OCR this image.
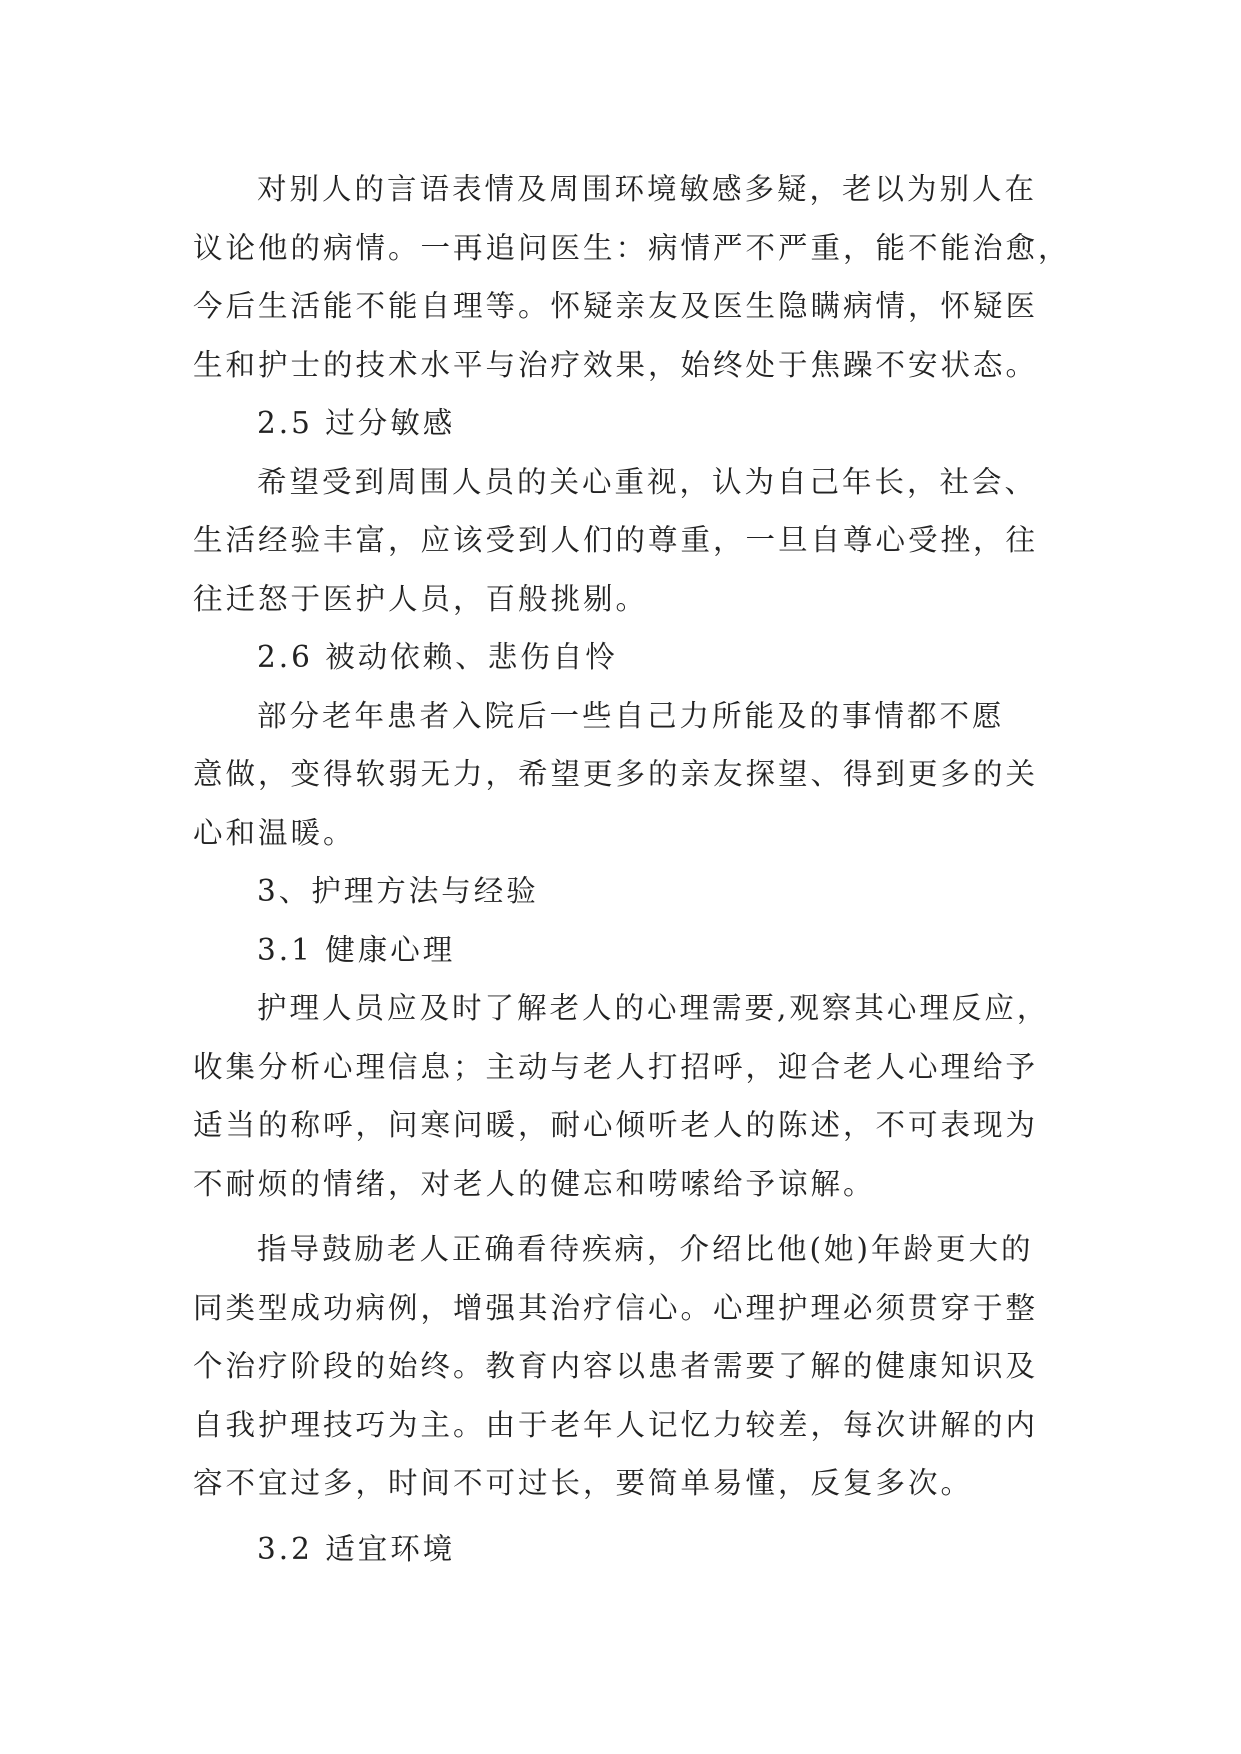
对别人的言语表情及周围环境敏感多疑，老以为别人在
议论他的病情。一再追问医生：病情严不严重，能不能治愈，
今后生活能不能自理等。怀疑亲友及医生隐瞒病情，怀疑医
生和护士的技术水平与治疗效果，始终处于焦躁不安状态。
2.5 过分敏感
希望受到周围人员的关心重视，认为自己年长，社会、
生活经验丰富，应该受到人们的尊重，一旦自尊心受挫，往
往迁怒于医护人员，百般挑剔。
2.6 被动依赖、悲伤自怜
部分老年患者入院后一些自己力所能及的事情都不愿
意做，变得软弱无力，希望更多的亲友探望、得到更多的关
心和温暖。
3、护理方法与经验
3.1 健康心理
护理人员应及时了解老人的心理需要,观察其心理反应，
收集分析心理信息；主动与老人打招呼，迎合老人心理给予
适当的称呼，问寒问暖，耐心倾听老人的陈述，不可表现为
不耐烦的情绪，对老人的健忘和唠嗦给予谅解。
指导鼓励老人正确看待疾病，介绍比他(她)年龄更大的
同类型成功病例，增强其治疗信心。心理护理必须贯穿于整
个治疗阶段的始终。教育内容以患者需要了解的健康知识及
自我护理技巧为主。由于老年人记忆力较差，每次讲解的内
容不宜过多，时间不可过长，要简单易懂，反复多次。
3.2 适宜环境
